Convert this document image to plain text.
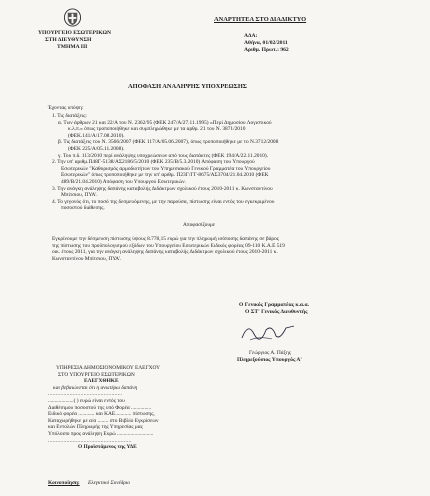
ΥΠΟΥΡΓΕΙΟ ΕΣΩΤΕΡΙΚΩΝ
ΣΤΗ ΔΙΕΥΘΥΝΣΗ
ΤΜΗΜΑ ΙΙΙ
ΑΝΑΡΤΗΤΕΑ ΣΤΟ ΔΙΑΔΙΚΤΥΟ
ΑΔΑ:
Αθήνα, 01/02/2011
Αριθμ. Πρωτ.: 962
ΑΠΟΦΑΣΗ ΑΝΑΛΗΨΗΣ ΥΠΟΧΡΕΩΣΗΣ
Έχοντας υπόψη:
1. Τις διατάξεις:
α. Των άρθρων 21 και 22/Α του Ν. 2362/95 (ΦΕΚ 247/Α/27.11.1995) «Περί Δημοσίου Λογιστικού
κ.λ.π.» όπως τροποποιήθηκε και συμπληρώθηκε με τα αρθρ. 21 του Ν. 3871/2010
(ΦΕΚ.141/Α/17.08.2010).
β. Τις διατάξεις του Ν. 3566/2007 (ΦΕΚ 117/Α/05.06.2007), όπως τροποποιήθηκε με το Ν.3712/2008
(ΦΕΚ 225/Α/05.11.2008).
γ. Του π.δ. 113/2010 περί ανάληψης υποχρεώσεων από τους διατάκτες (ΦΕΚ 194/Α/22.11.2010).
2. Την υπ' αριθμ.Π48Γ-5138/ΑΣ2186/5/2010 (ΦΕΚ 235/Β/5.3.2010) Απόφαση του Υπουργού
Εσωτερικών "Καθορισμός αρμοδιοτήτων του Υπηρεσιακού Γενικού Γραμματέα του Υπουργείου
Εσωτερικών" όπως τροποποιήθηκε με την υπ' αριθμ. Π23Γ/ΓΓ-8675/ΑΣ3704/21.04.2010 (ΦΕΚ
489/Β/21.04.2010) Απόφαση του Υπουργού Εσωτερικών.
3. Την ανάγκη ανάληψης δαπάνης καταβολής Διδάκτρων σχολικού έτους 2010-2011 κ. Κωνσταντίνου
Μπίτσιου, ΠΥΑ'.
4. Το γεγονός ότι, το ποσό της δεσμευόμενης, με την παρούσα, πίστωσης είναι εντός του εγκεκριμένου
ποσοστού διάθεσης.
Αποφασίζουμε
Εγκρίνουμε την δέσμευση πίστωσης ύψους 8.778,15 ευρώ για την πληρωμή ισόποσης δαπάνης σε βάρος
της πίστωσης του προϋπολογισμού εξόδων του Υπουργείου Εσωτερικών Ειδικός φορέας 09-110 Κ.Α.Ε 519
οικ. έτους 2011, για την ανάγκη ανάληψης δαπάνης καταβολής Διδάκτρων σχολικού έτους 2010-2011 κ.
Κωνσταντίνου Μπίτσιου, ΠΥΑ'.
Ο Γενικός Γραμματέας κ.α.α.
Ο ΣΤ' Γενικός Διευθυντής
Γεώργιος Α. Πάξης
Πληρεξούσιος Υπουργός Α'
ΥΠΗΡΕΣΙΑ ΔΗΜΟΣΙΟΝΟΜΙΚΟΥ ΕΛΕΓΧΟΥ
ΣΤΟ ΥΠΟΥΡΓΕΙΟ ΕΣΩΤΕΡΙΚΩΝ
ΕΛΕΓΧΘΗΚΕ
και βεβαιώνεται ότι η ανωτέρω δαπάνη
................................................
...................( ) ευρώ είναι εντός του
Διαθέσιμου ποσοστού της υπό Φορέα ...............
Ειδικό φορέα ............ και ΚΑΕ............ πίστωσης,
Καταχωρήθηκε με α/α ........ στο Βιβλίο Εγκρίσεων
και Εντολών Πληρωμής της Υπηρεσίας μας
Υπόλοιπο προς ανάληψη Ευρώ ...........................
......................................................
Ο Προϊστάμενος της ΥΔΕ
Κοινοποίηση: Ελεγκτικό Συνέδριο
